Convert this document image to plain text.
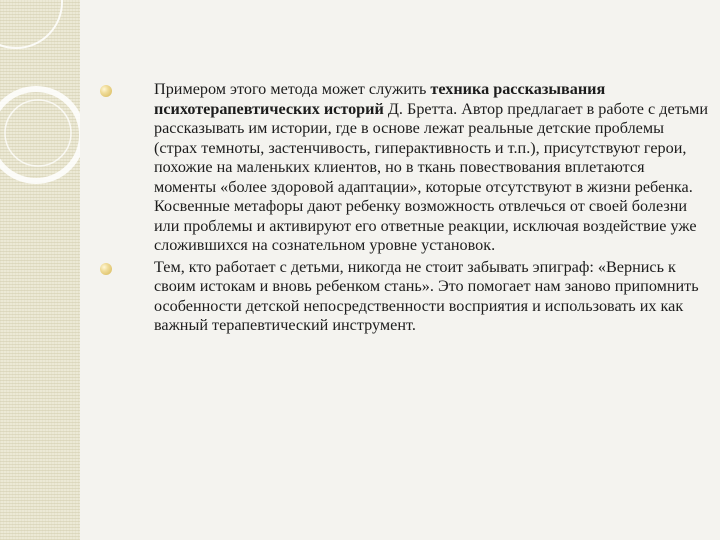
Примером этого метода может служить техника рассказывания психотерапевтических историй Д. Бретта. Автор предлагает в работе с детьми рассказывать им истории, где в основе лежат реальные детские проблемы (страх темноты, застенчивость, гиперактивность и т.п.), присутствуют герои, похожие на маленьких клиентов, но в ткань повествования вплетаются моменты «более здоровой адаптации», которые отсутствуют в жизни ребенка. Косвенные метафоры дают ребенку возможность отвлечься от своей болезни или проблемы и активируют его ответные реакции, исключая воздействие уже сложившихся на сознательном уровне установок.

Тем, кто работает с детьми, никогда не стоит забывать эпиграф: «Вернись к своим истокам и вновь ребенком стань». Это помогает нам заново припомнить особенности детской непосредственности восприятия и использовать их как важный терапевтический инструмент.
